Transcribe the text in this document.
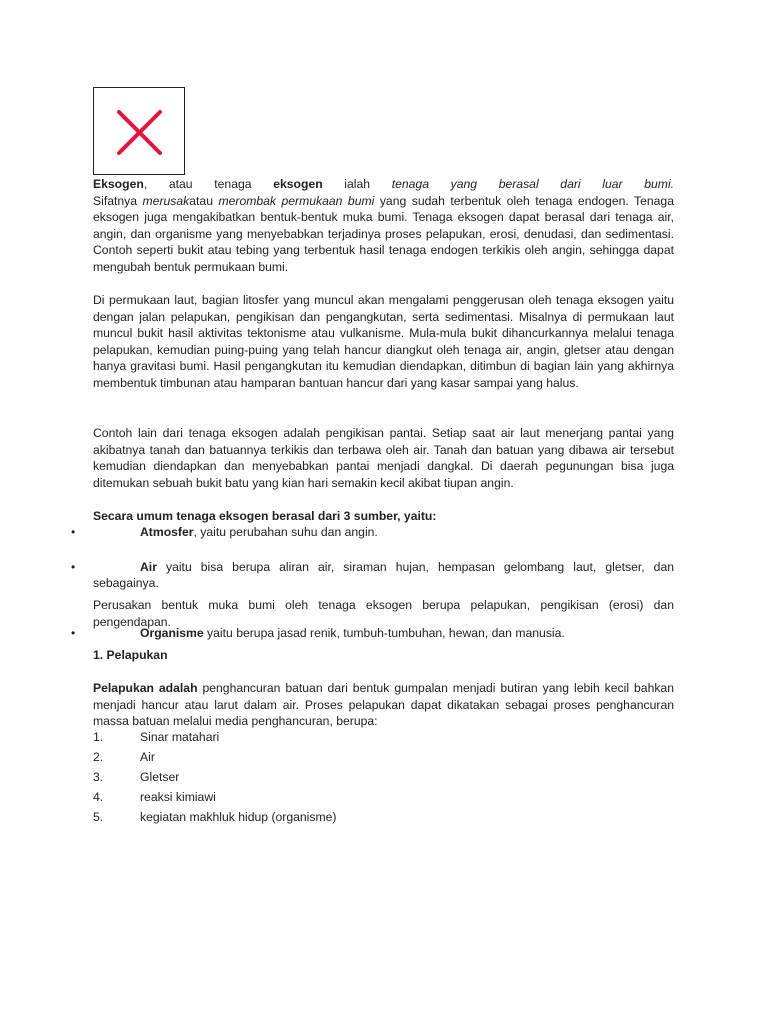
Eksogen, atau tenaga eksogen ialah tenaga yang berasal dari luar bumi.
Sifatnya merusakatau merombak permukaan bumi yang sudah terbentuk oleh tenaga endogen. Tenaga eksogen juga mengakibatkan bentuk-bentuk muka bumi. Tenaga eksogen dapat berasal dari tenaga air, angin, dan organisme yang menyebabkan terjadinya proses pelapukan, erosi, denudasi, dan sedimentasi. Contoh seperti bukit atau tebing yang terbentuk hasil tenaga endogen terkikis oleh angin, sehingga dapat mengubah bentuk permukaan bumi.

Di permukaan laut, bagian litosfer yang muncul akan mengalami penggerusan oleh tenaga eksogen yaitu dengan jalan pelapukan, pengikisan dan pengangkutan, serta sedimentasi. Misalnya di permukaan laut muncul bukit hasil aktivitas tektonisme atau vulkanisme. Mula-mula bukit dihancurkannya melalui tenaga pelapukan, kemudian puing-puing yang telah hancur diangkut oleh tenaga air, angin, gletser atau dengan hanya gravitasi bumi. Hasil pengangkutan itu kemudian diendapkan, ditimbun di bagian lain yang akhirnya membentuk timbunan atau hamparan bantuan hancur dari yang kasar sampai yang halus.

Contoh lain dari tenaga eksogen adalah pengikisan pantai. Setiap saat air laut menerjang pantai yang akibatnya tanah dan batuannya terkikis dan terbawa oleh air. Tanah dan batuan yang dibawa air tersebut kemudian diendapkan dan menyebabkan pantai menjadi dangkal. Di daerah pegunungan bisa juga ditemukan sebuah bukit batu yang kian hari semakin kecil akibat tiupan angin.

Secara umum tenaga eksogen berasal dari 3 sumber, yaitu:

•	Atmosfer, yaitu perubahan suhu dan angin.
•	Air yaitu bisa berupa aliran air, siraman hujan, hempasan gelombang laut, gletser, dan sebagainya.
•	Organisme yaitu berupa jasad renik, tumbuh-tumbuhan, hewan, dan manusia.

Perusakan bentuk muka bumi oleh tenaga eksogen berupa pelapukan, pengikisan (erosi) dan pengendapan.

1. Pelapukan

Pelapukan adalah penghancuran batuan dari bentuk gumpalan menjadi butiran yang lebih kecil bahkan menjadi hancur atau larut dalam air. Proses pelapukan dapat dikatakan sebagai proses penghancuran massa batuan melalui media penghancuran, berupa:
1.	Sinar matahari
2.	Air
3.	Gletser
4.	reaksi kimiawi
5.	kegiatan makhluk hidup (organisme)
